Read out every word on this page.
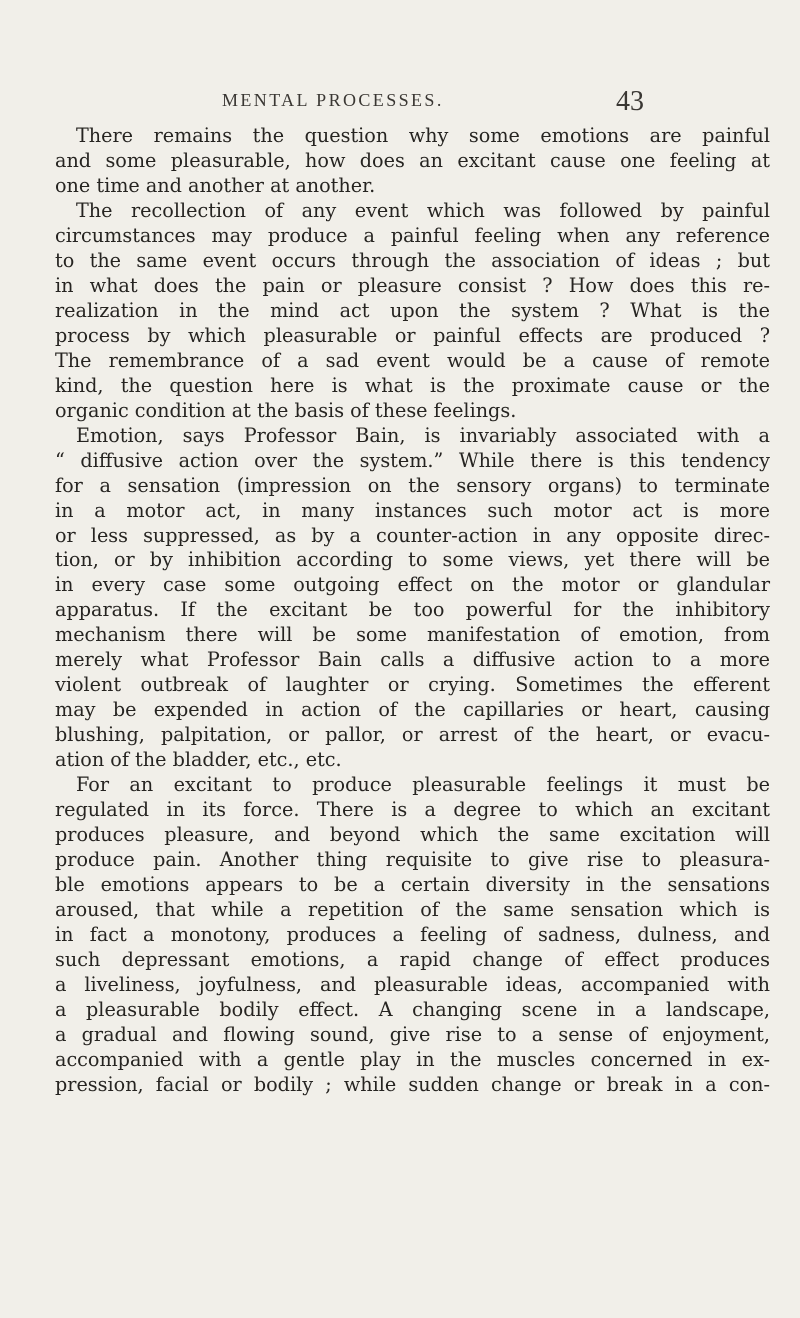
MENTAL PROCESSES.	43
There remains the question why some emotions are painful
and some pleasurable, how does an excitant cause one feeling at
one time and another at another.
The recollection of any event which was followed by painful
circumstances may produce a painful feeling when any reference
to the same event occurs through the association of ideas ; but
in what does the pain or pleasure consist ? How does this re-
realization in the mind act upon the system ? What is the
process by which pleasurable or painful effects are produced ?
The remembrance of a sad event would be a cause of remote
kind, the question here is what is the proximate cause or the
organic condition at the basis of these feelings.
Emotion, says Professor Bain, is invariably associated with a
“ diffusive action over the system.” While there is this tendency
for a sensation (impression on the sensory organs) to terminate
in a motor act, in many instances such motor act is more
or less suppressed, as by a counter-action in any opposite direc-
tion, or by inhibition according to some views, yet there will be
in every case some outgoing effect on the motor or glandular
apparatus. If the excitant be too powerful for the inhibitory
mechanism there will be some manifestation of emotion, from
merely what Professor Bain calls a diffusive action to a more
violent outbreak of laughter or crying. Sometimes the efferent
may be expended in action of the capillaries or heart, causing
blushing, palpitation, or pallor, or arrest of the heart, or evacu-
ation of the bladder, etc., etc.
For an excitant to produce pleasurable feelings it must be
regulated in its force. There is a degree to which an excitant
produces pleasure, and beyond which the same excitation will
produce pain. Another thing requisite to give rise to pleasura-
ble emotions appears to be a certain diversity in the sensations
aroused, that while a repetition of the same sensation which is
in fact a monotony, produces a feeling of sadness, dulness, and
such depressant emotions, a rapid change of effect produces
a liveliness, joyfulness, and pleasurable ideas, accompanied with
a pleasurable bodily effect. A changing scene in a landscape,
a gradual and flowing sound, give rise to a sense of enjoyment,
accompanied with a gentle play in the muscles concerned in ex-
pression, facial or bodily ; while sudden change or break in a con-
